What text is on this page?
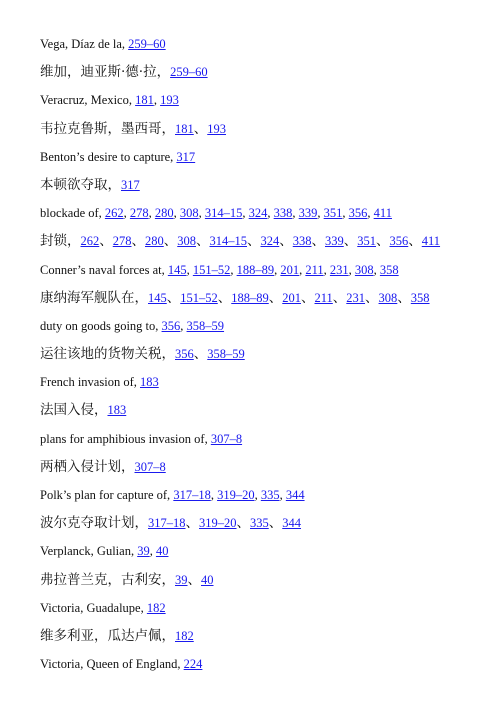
Vega, Díaz de la, 259–60
维加，迪亚斯·德·拉，259–60
Veracruz, Mexico, 181, 193
韦拉克鲁斯，墨西哥，181、193
Benton’s desire to capture, 317
本顿欲夺取，317
blockade of, 262, 278, 280, 308, 314–15, 324, 338, 339, 351, 356, 411
封锁，262、278、280、308、314–15、324、338、339、351、356、411
Conner’s naval forces at, 145, 151–52, 188–89, 201, 211, 231, 308, 358
康纳海军舰队在，145、151–52、188–89、201、211、231、308、358
duty on goods going to, 356, 358–59
运往该地的货物关税，356、358–59
French invasion of, 183
法国入侵，183
plans for amphibious invasion of, 307–8
两栖入侵计划，307–8
Polk’s plan for capture of, 317–18, 319–20, 335, 344
波尔克夺取计划，317–18、319–20、335、344
Verplanck, Gulian, 39, 40
弗拉普兰克，古利安，39、40
Victoria, Guadalupe, 182
维多利亚，瓜达卢佩，182
Victoria, Queen of England, 224
